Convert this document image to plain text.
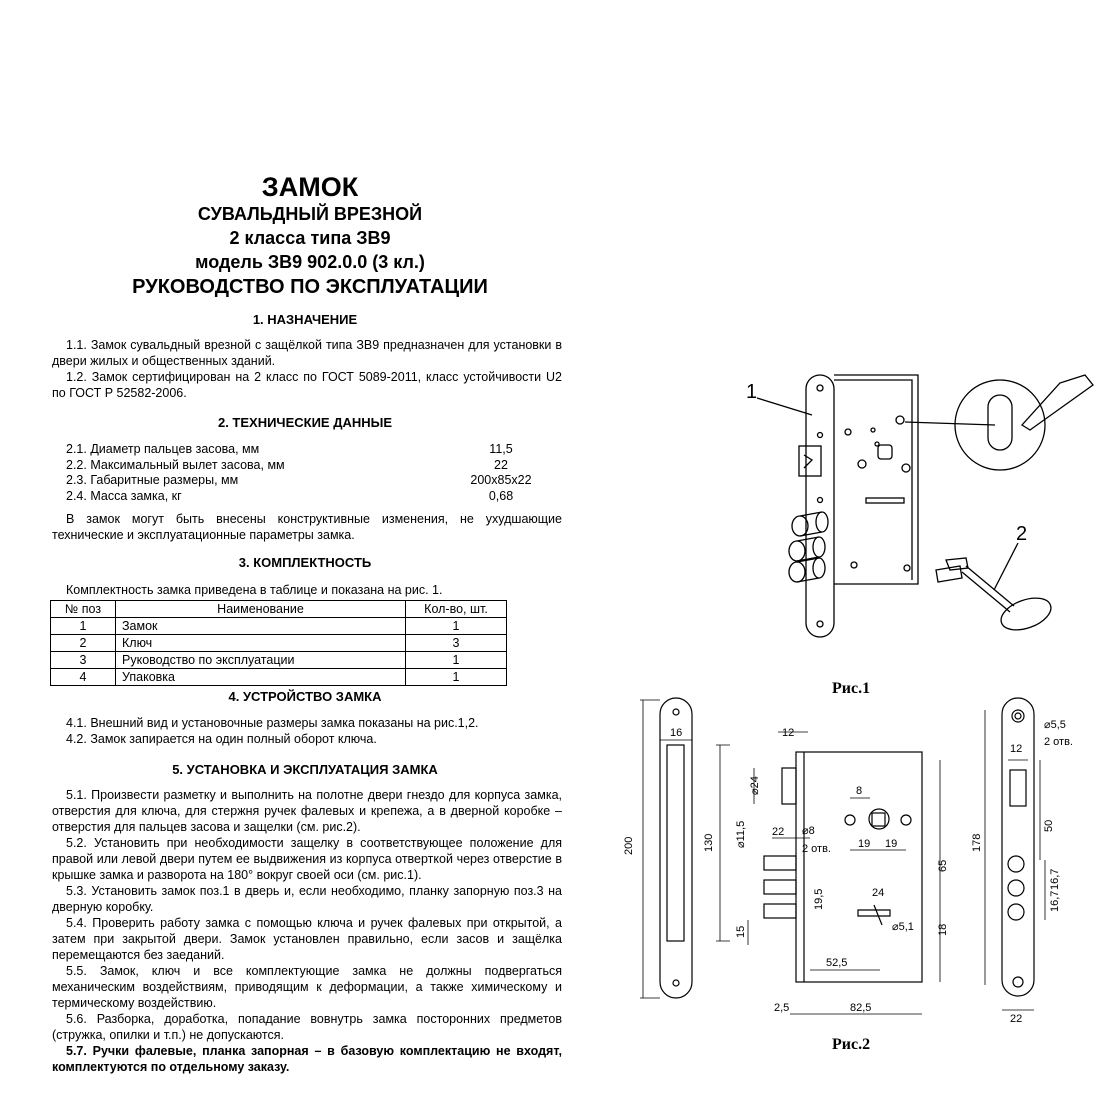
ЗАМОК
СУВАЛЬДНЫЙ ВРЕЗНОЙ
2 класса типа ЗВ9
модель ЗВ9 902.0.0 (3 кл.)
РУКОВОДСТВО ПО ЭКСПЛУАТАЦИИ
1. НАЗНАЧЕНИЕ

1.1. Замок сувальдный врезной с защёлкой типа ЗВ9 предназначен для установки в двери жилых и общественных зданий.

1.2. Замок сертифицирован на 2 класс по ГОСТ 5089-2011, класс устойчивости U2 по ГОСТ Р 52582-2006.

2. ТЕХНИЧЕСКИЕ ДАННЫЕ
2.1. Диаметр пальцев засова, мм	11,5
2.2. Максимальный вылет засова, мм	22
2.3. Габаритные размеры, мм	200x85x22
2.4. Масса замка, кг	0,68

В замок могут быть внесены конструктивные изменения, не ухудшающие технические и эксплуатационные параметры замка.

3. КОМПЛЕКТНОСТЬ

Комплектность замка приведена в таблице и показана на рис. 1.

№ поз	Наименование	Кол-во, шт.
1	Замок	1
2	Ключ	3
3	Руководство по эксплуатации	1
4	Упаковка	1
4. УСТРОЙСТВО ЗАМКА

4.1. Внешний вид и установочные размеры замка показаны на рис.1,2.

4.2. Замок запирается на один полный оборот ключа.

5. УСТАНОВКА И ЭКСПЛУАТАЦИЯ ЗАМКА

5.1. Произвести разметку и выполнить на полотне двери гнездо для корпуса замка, отверстия для ключа, для стержня ручек фалевых и крепежа, а в дверной коробке – отверстия для пальцев засова и защелки (см. рис.2).

5.2. Установить при необходимости защелку в соответствующее положение для правой или левой двери путем ее выдвижения из корпуса отверткой через отверстие в крышке замка и разворота на 180° вокруг своей оси (см. рис.1).

5.3. Установить замок поз.1 в дверь и, если необходимо, планку запорную поз.3 на дверную коробку.

5.4. Проверить работу замка с помощью ключа и ручек фалевых при открытой, а затем при закрытой двери. Замок установлен правильно, если засов и защёлка перемещаются без заеданий.

5.5. Замок, ключ и все комплектующие замка не должны подвергаться механическим воздействиям, приводящим к деформации, а также химическому и термическому воздействию.

5.6. Разборка, доработка, попадание вовнутрь замка посторонних предметов (стружка, опилки и т.п.) не допускаются.

5.7. Ручки фалевые, планка запорная – в базовую комплектацию не входят, комплектуются по отдельному заказу.

1
2
Рис.1
16
200	130
15
12
⌀24
⌀11,5 22
8
⌀8
2 отв. 19 19
65
19,5	24
⌀5,1 18
52,5
2,5	82,5
⌀5,5
2 отв.
12
50
178
16,7
16,7
22
Рис.2
